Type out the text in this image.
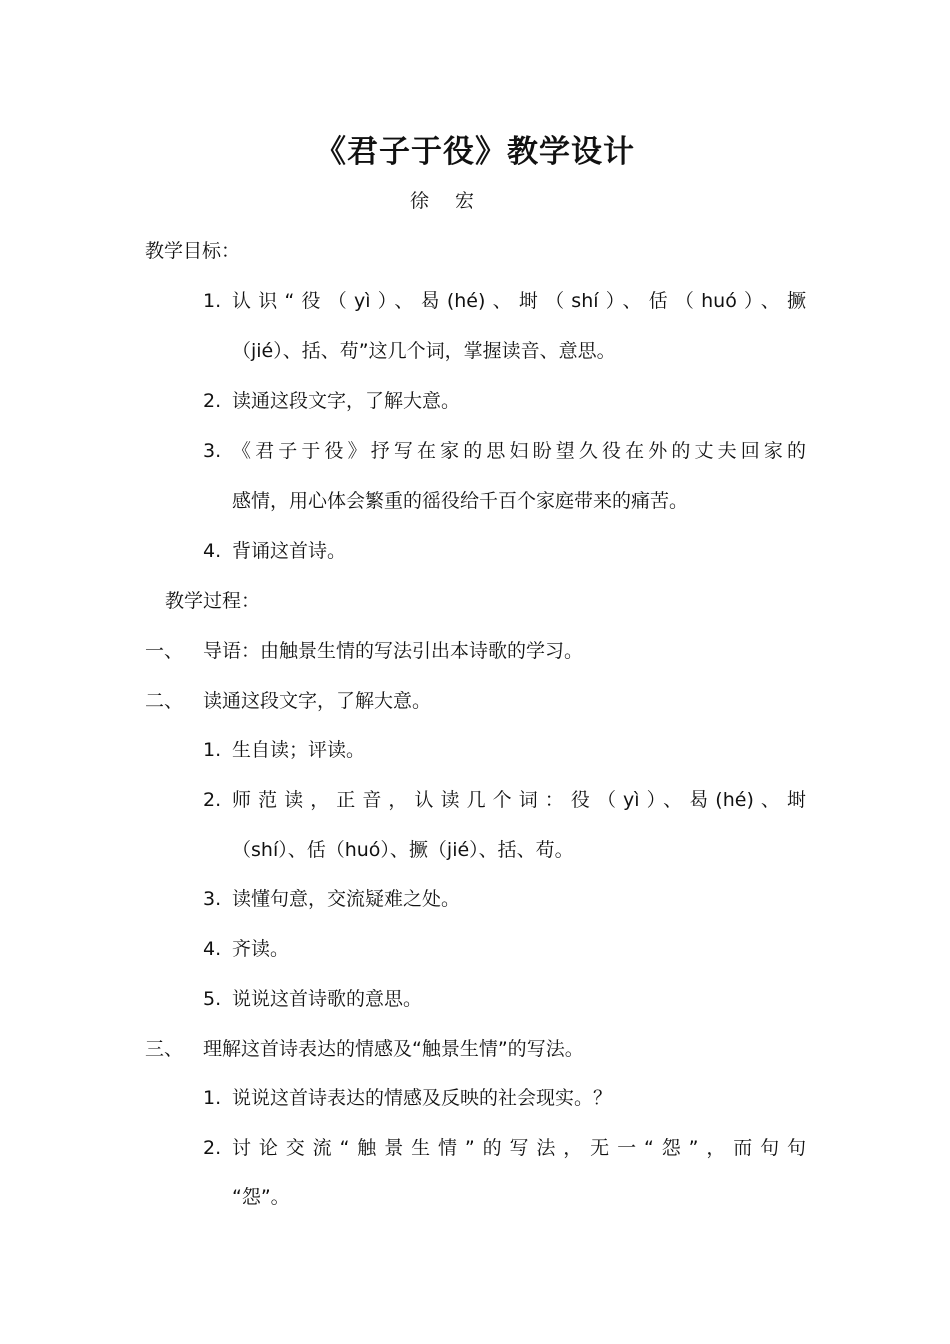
《君子于役》教学设计
徐 宏
教学目标：
1. 认识“役（yì）、曷(hé)、埘（shí）、佸（huó）、撅
（jié）、括、苟”这几个词，掌握读音、意思。
2. 读通这段文字，了解大意。
3. 《君子于役》抒写在家的思妇盼望久役在外的丈夫回家的
感情，用心体会繁重的徭役给千百个家庭带来的痛苦。
4. 背诵这首诗。
教学过程：
一、 导语：由触景生情的写法引出本诗歌的学习。
二、 读通这段文字，了解大意。
1. 生自读；评读。
2. 师范读，正音，认读几个词：役（yì）、曷(hé)、埘
（shí）、佸（huó）、撅（jié）、括、苟。
3. 读懂句意，交流疑难之处。
4. 齐读。
5. 说说这首诗歌的意思。
三、 理解这首诗表达的情感及“触景生情”的写法。
1. 说说这首诗表达的情感及反映的社会现实。？
2. 讨论交流“触景生情”的写法，无一“怨”，而句句
“怨”。
